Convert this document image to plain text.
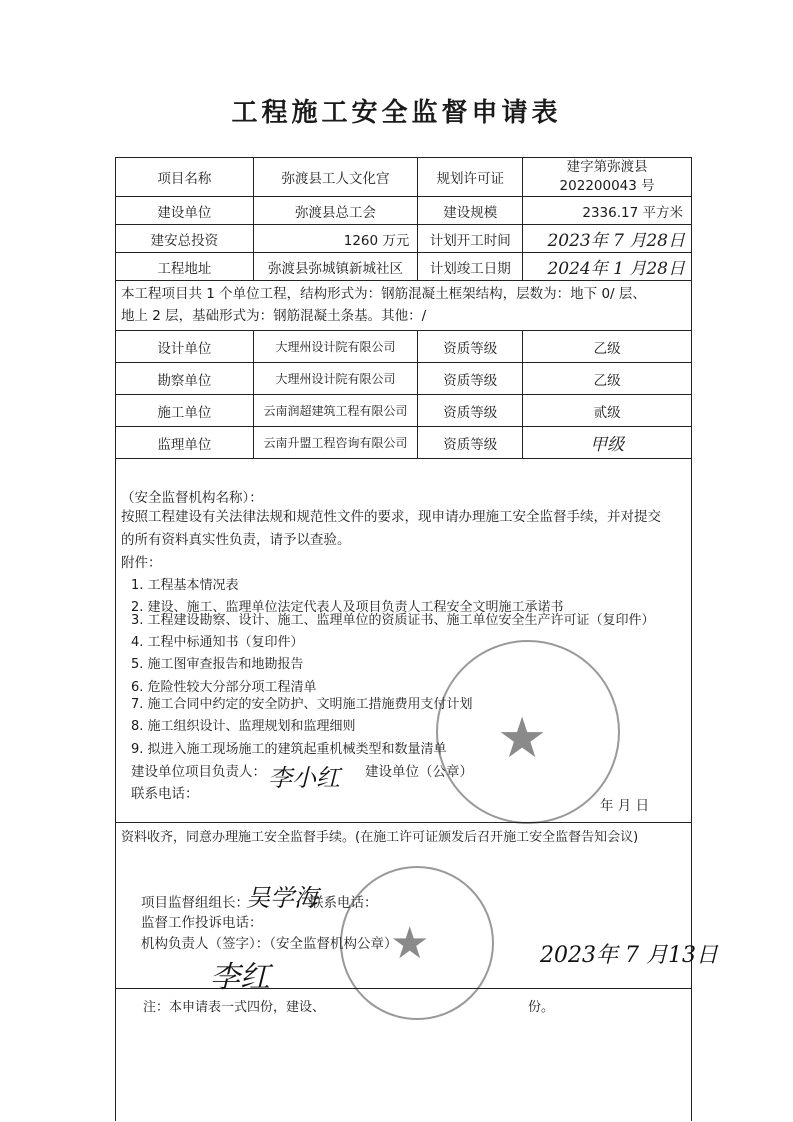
工程施工安全监督申请表
项目名称	弥渡县工人文化宫	规划许可证	建字第弥渡县
202200043 号

建设单位	弥渡县总工会	建设规模	2336.17 平方米
建安总投资	1260 万元	计划开工时间	2023年 7 月28日
工程地址	弥渡县弥城镇新城社区	计划竣工日期	2024年 1 月28日

设计单位	大理州设计院有限公司	资质等级	乙级
勘察单位	大理州设计院有限公司	资质等级	乙级
施工单位	云南润超建筑工程有限公司	资质等级	贰级
监理单位	云南升盟工程咨询有限公司	资质等级	甲级
本工程项目共 1 个单位工程，结构形式为：钢筋混凝土框架结构，层数为：地下 0/ 层、
地上 2 层，基础形式为：钢筋混凝土条基。其他：/
（安全监督机构名称）：
按照工程建设有关法律法规和规范性文件的要求，现申请办理施工安全监督手续，并对提交
的所有资料真实性负责，请予以查验。
附件：
1. 工程基本情况表
2. 建设、施工、监理单位法定代表人及项目负责人工程安全文明施工承诺书
3. 工程建设勘察、设计、施工、监理单位的资质证书、施工单位安全生产许可证（复印件）
4. 工程中标通知书（复印件）
5. 施工图审查报告和地勘报告
6. 危险性较大分部分项工程清单
7. 施工合同中约定的安全防护、文明施工措施费用支付计划
8. 施工组织设计、监理规划和监理细则
9. 拟进入施工现场施工的建筑起重机械类型和数量清单
建设单位项目负责人： 李小红 建设单位（公章）
联系电话：
年 月 日
★
资料收齐，同意办理施工安全监督手续。(在施工许可证颁发后召开施工安全监督告知会议)
项目监督组组长：
吴学海
联系电话：
监督工作投诉电话：
机构负责人（签字）：（安全监督机构公章）
李红
2023年 7 月13日
★
注：本申请表一式四份，建设、	份。
